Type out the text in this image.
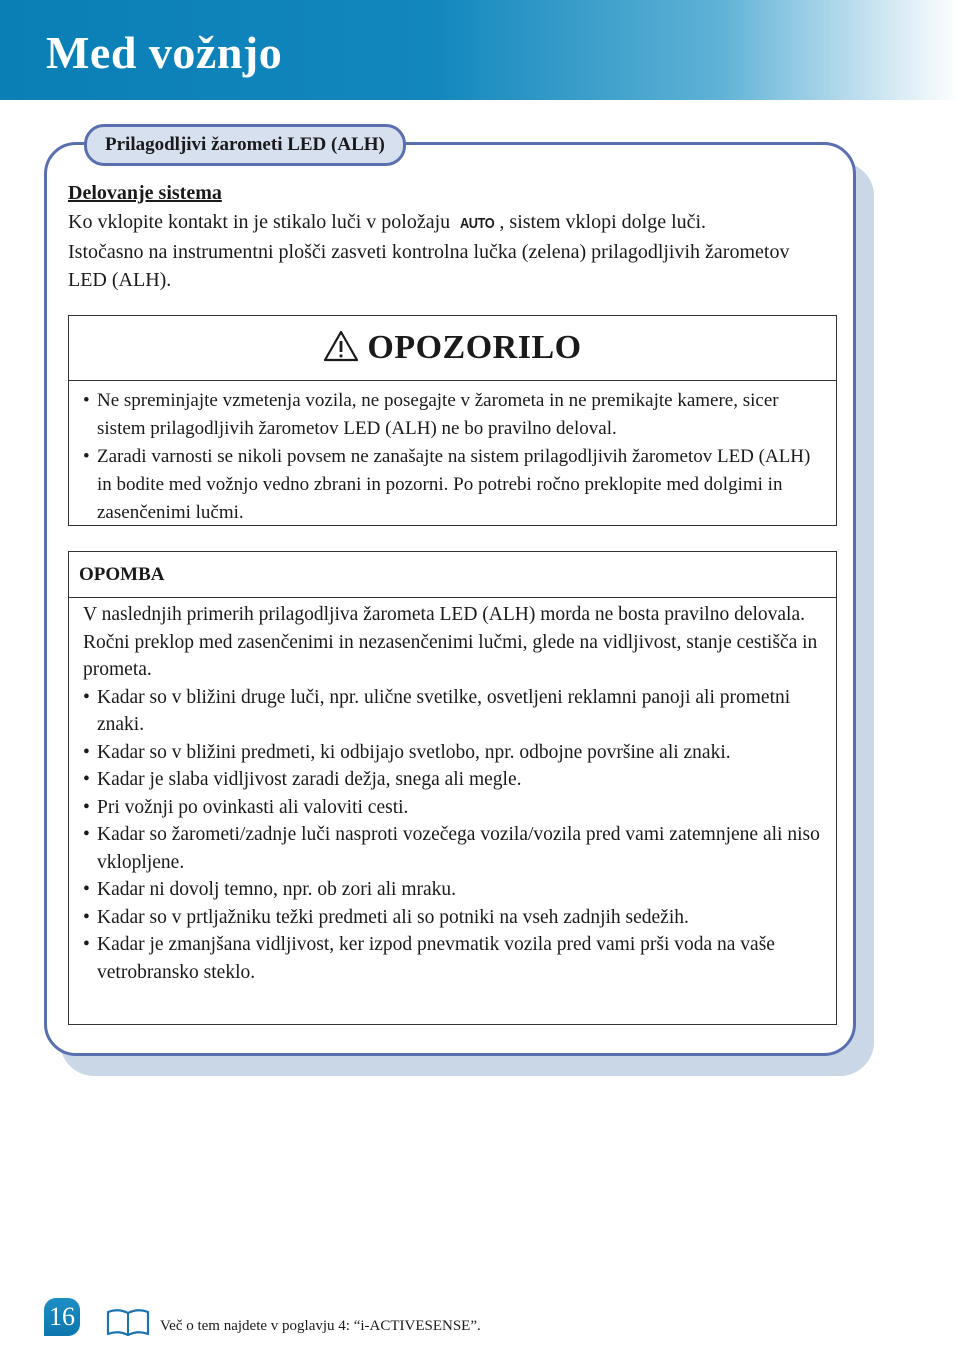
Med vožnjo
Prilagodljivi žarometi LED (ALH)
Delovanje sistema
Ko vklopite kontakt in je stikalo luči v položaju AUTO , sistem vklopi dolge luči.
Istočasno na instrumentni plošči zasveti kontrolna lučka (zelena) prilagodljivih žarometov LED (ALH).
OPOZORILO
• Ne spreminjajte vzmetenja vozila, ne posegajte v žarometa in ne premikajte kamere, sicer sistem prilagodljivih žarometov LED (ALH) ne bo pravilno deloval.
• Zaradi varnosti se nikoli povsem ne zanašajte na sistem prilagodljivih žarometov LED (ALH) in bodite med vožnjo vedno zbrani in pozorni. Po potrebi ročno preklopite med dolgimi in zasenčenimi lučmi.
OPOMBA
V naslednjih primerih prilagodljiva žarometa LED (ALH) morda ne bosta pravilno delovala. Ročni preklop med zasenčenimi in nezasenčenimi lučmi, glede na vidljivost, stanje cestišča in prometa.
• Kadar so v bližini druge luči, npr. ulične svetilke, osvetljeni reklamni panoji ali prometni znaki.
• Kadar so v bližini predmeti, ki odbijajo svetlobo, npr. odbojne površine ali znaki.
• Kadar je slaba vidljivost zaradi dežja, snega ali megle.
• Pri vožnji po ovinkasti ali valoviti cesti.
• Kadar so žarometi/zadnje luči nasproti vozečega vozila/vozila pred vami zatemnjene ali niso vklopljene.
• Kadar ni dovolj temno, npr. ob zori ali mraku.
• Kadar so v prtljažniku težki predmeti ali so potniki na vseh zadnjih sedežih.
• Kadar je zmanjšana vidljivost, ker izpod pnevmatik vozila pred vami prši voda na vaše vetrobransko steklo.
16	Več o tem najdete v poglavju 4: “i-ACTIVESENSE”.
